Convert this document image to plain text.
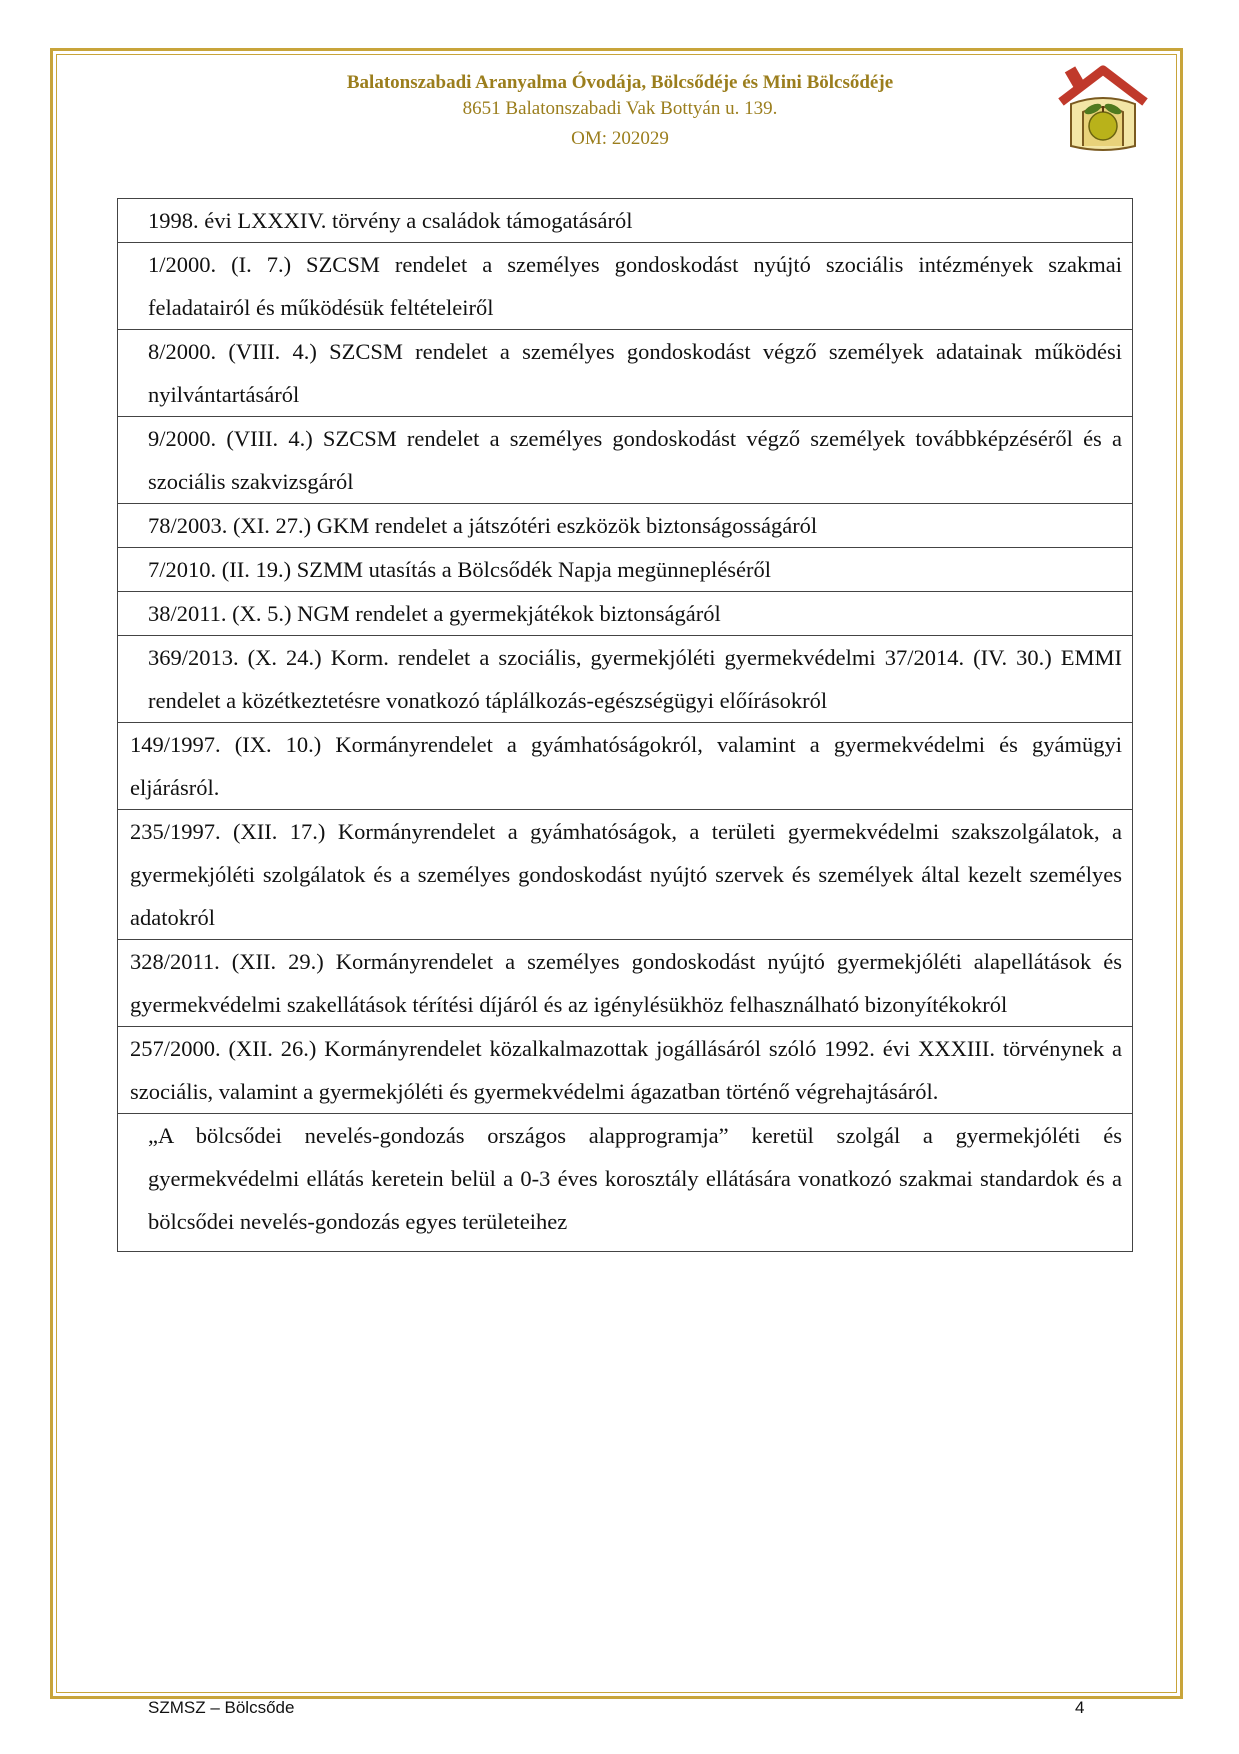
Balatonszabadi Aranyalma Óvodája, Bölcsődéje és Mini Bölcsődéje
8651 Balatonszabadi Vak Bottyán u. 139.
OM: 202029
1998. évi LXXXIV. törvény a családok támogatásáról
1/2000. (I. 7.) SZCSM rendelet a személyes gondoskodást nyújtó szociális intézmények szakmai feladatairól és működésük feltételeiről
8/2000. (VIII. 4.) SZCSM rendelet a személyes gondoskodást végző személyek adatainak működési nyilvántartásáról
9/2000. (VIII. 4.) SZCSM rendelet a személyes gondoskodást végző személyek továbbképzéséről és a szociális szakvizsgáról
78/2003. (XI. 27.) GKM rendelet a játszótéri eszközök biztonságosságáról
7/2010. (II. 19.) SZMM utasítás a Bölcsődék Napja megünnepléséről
38/2011. (X. 5.) NGM rendelet a gyermekjátékok biztonságáról
369/2013. (X. 24.) Korm. rendelet a szociális, gyermekjóléti gyermekvédelmi 37/2014. (IV. 30.) EMMI rendelet a közétkeztetésre vonatkozó táplálkozás-egészségügyi előírásokról
149/1997. (IX. 10.) Kormányrendelet a gyámhatóságokról, valamint a gyermekvédelmi és gyámügyi eljárásról.
235/1997. (XII. 17.) Kormányrendelet a gyámhatóságok, a területi gyermekvédelmi szakszolgálatok, a gyermekjóléti szolgálatok és a személyes gondoskodást nyújtó szervek és személyek által kezelt személyes adatokról
328/2011. (XII. 29.) Kormányrendelet a személyes gondoskodást nyújtó gyermekjóléti alapellátások és gyermekvédelmi szakellátások térítési díjáról és az igénylésükhöz felhasználható bizonyítékokról
257/2000. (XII. 26.) Kormányrendelet közalkalmazottak jogállásáról szóló 1992. évi XXXIII. törvénynek a szociális, valamint a gyermekjóléti és gyermekvédelmi ágazatban történő végrehajtásáról.
„A bölcsődei nevelés-gondozás országos alapprogramja” keretül szolgál a gyermekjóléti és gyermekvédelmi ellátás keretein belül a 0-3 éves korosztály ellátására vonatkozó szakmai standardok és a bölcsődei nevelés-gondozás egyes területeihez
SZMSZ – Bölcsőde	4
